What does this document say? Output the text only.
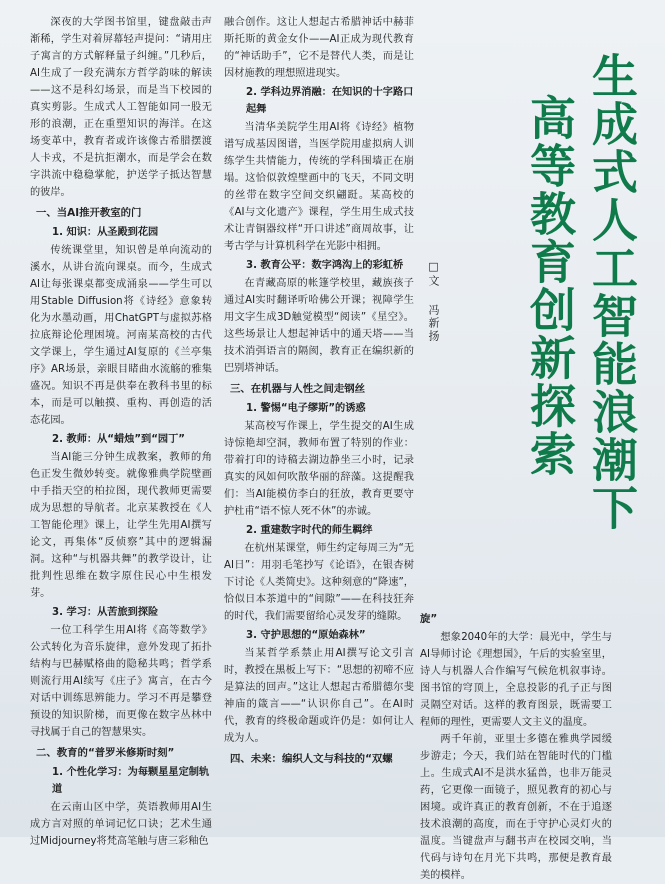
深夜的大学图书馆里，键盘敲击声渐稀，学生对着屏幕轻声提问：“请用庄子寓言的方式解释量子纠缠。”几秒后，AI生成了一段充满东方哲学韵味的解读——这不是科幻场景，而是当下校园的真实剪影。生成式人工智能如同一股无形的浪潮，正在重塑知识的海洋。在这场变革中，教育者或许该像古希腊摆渡人卡戎，不是抗拒潮水，而是学会在数字洪流中稳稳掌舵，护送学子抵达智慧的彼岸。

一、当AI推开教室的门
1. 知识：从圣殿到花园

传统课堂里，知识曾是单向流动的溪水，从讲台流向课桌。而今，生成式AI让每张课桌都变成涌泉——学生可以用Stable Diffusion将《诗经》意象转化为水墨动画，用ChatGPT与虚拟苏格拉底辩论伦理困境。河南某高校的古代文学课上，学生通过AI复原的《兰亭集序》AR场景，亲眼目睹曲水流觞的雅集盛况。知识不再是供奉在教科书里的标本，而是可以触摸、重构、再创造的活态花园。

2. 教师：从“蜡烛”到“园丁”

当AI能三分钟生成教案，教师的角色正发生微妙转变。就像雅典学院壁画中手指天空的柏拉图，现代教师更需要成为思想的导航者。北京某教授在《人工智能伦理》课上，让学生先用AI撰写论文，再集体“反侦察”其中的逻辑漏洞。这种“与机器共舞”的教学设计，让批判性思维在数字原住民心中生根发芽。

3. 学习：从苦旅到探险

一位工科学生用AI将《高等数学》公式转化为音乐旋律，意外发现了拓扑结构与巴赫赋格曲的隐秘共鸣；哲学系则流行用AI续写《庄子》寓言，在古今对话中训练思辨能力。学习不再是攀登预设的知识阶梯，而更像在数字丛林中寻找属于自己的智慧果实。

二、教育的“普罗米修斯时刻”
1. 个性化学习：为每颗星星定制轨道

在云南山区中学，英语教师用AI生成方言对照的单词记忆口诀；艺术生通过Midjourney将梵高笔触与唐三彩釉色

融合创作。这让人想起古希腊神话中赫菲斯托斯的黄金女仆——AI正成为现代教育的“神话助手”，它不是替代人类，而是让因材施教的理想照进现实。

2. 学科边界消融：在知识的十字路口起舞

当清华美院学生用AI将《诗经》植物谱写成基因图谱，当医学院用虚拟病人训练学生共情能力，传统的学科围墙正在崩塌。这恰似敦煌壁画中的飞天，不同文明的丝带在数字空间交织翩跹。某高校的《AI与文化遗产》课程，学生用生成式技术让青铜器纹样“开口讲述”商周故事，让考古学与计算机科学在光影中相拥。

3. 教育公平：数字鸿沟上的彩虹桥

在青藏高原的帐篷学校里，藏族孩子通过AI实时翻译听哈佛公开课；视障学生用文字生成3D触觉模型“阅读”《星空》。这些场景让人想起神话中的通天塔——当技术消弭语言的隔阂，教育正在编织新的巴别塔神话。

三、在机器与人性之间走钢丝
1. 警惕“电子缪斯”的诱惑

某高校写作课上，学生提交的AI生成诗惊艳却空洞，教师布置了特别的作业：带着打印的诗稿去湖边静坐三小时，记录真实的风如何吹散华丽的辞藻。这提醒我们：当AI能模仿李白的狂放，教育更要守护杜甫“语不惊人死不休”的赤诚。

2. 重建数字时代的师生羁绊

在杭州某课堂，师生约定每周三为“无AI日”：用羽毛笔抄写《论语》，在银杏树下讨论《人类简史》。这种刻意的“降速”，恰似日本茶道中的“间隙”——在科技狂奔的时代，我们需要留给心灵发芽的缝隙。

3. 守护思想的“原始森林”

当某哲学系禁止用AI撰写论文引言时，教授在黑板上写下：“思想的初啼不应是算法的回声。”这让人想起古希腊德尔斐神庙的箴言——“认识你自己”。在AI时代，教育的终极命题或许仍是：如何让人成为人。

四、未来：编织人文与科技的“双螺
生成式人工智能浪潮下
高等教育创新探索
□文 冯新扬
旋”

想象2040年的大学：晨光中，学生与AI导师讨论《理想国》，午后的实验室里，诗人与机器人合作编写气候危机叙事诗。图书馆的穹顶上，全息投影的孔子正与图灵隔空对话。这样的教育图景，既需要工程师的理性，更需要人文主义的温度。

两千年前，亚里士多德在雅典学园缓步游走；今天，我们站在智能时代的门槛上。生成式AI不是洪水猛兽，也非万能灵药，它更像一面镜子，照见教育的初心与困境。或许真正的教育创新，不在于追逐技术浪潮的高度，而在于守护心灵灯火的温度。当键盘声与翻书声在校园交响，当代码与诗句在月光下共鸣，那便是教育最美的模样。
